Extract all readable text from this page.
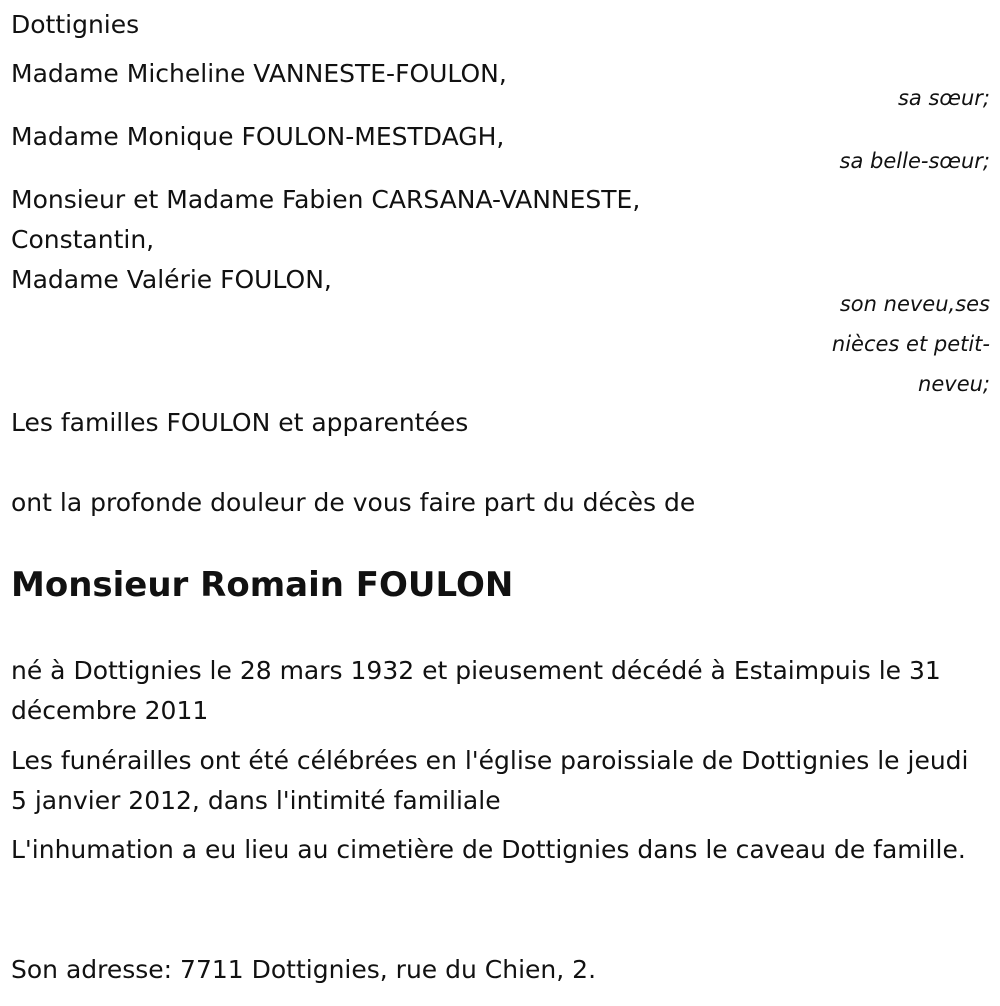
Dottignies

Madame Micheline VANNESTE-FOULON,

sa sœur;

Madame Monique FOULON-MESTDAGH,

sa belle-sœur;

Monsieur et Madame Fabien CARSANA-VANNESTE,

Constantin,

Madame Valérie FOULON,

son neveu,ses

nièces et petit-

neveu;

Les familles FOULON et apparentées

ont la profonde douleur de vous faire part du décès de

Monsieur Romain FOULON

né à Dottignies le 28 mars 1932 et pieusement décédé à Estaimpuis le 31 décembre 2011

Les funérailles ont été célébrées en l'église paroissiale de Dottignies le jeudi 5 janvier 2012, dans l'intimité familiale

L'inhumation a eu lieu au cimetière de Dottignies dans le caveau de famille.

Son adresse: 7711 Dottignies, rue du Chien, 2.
